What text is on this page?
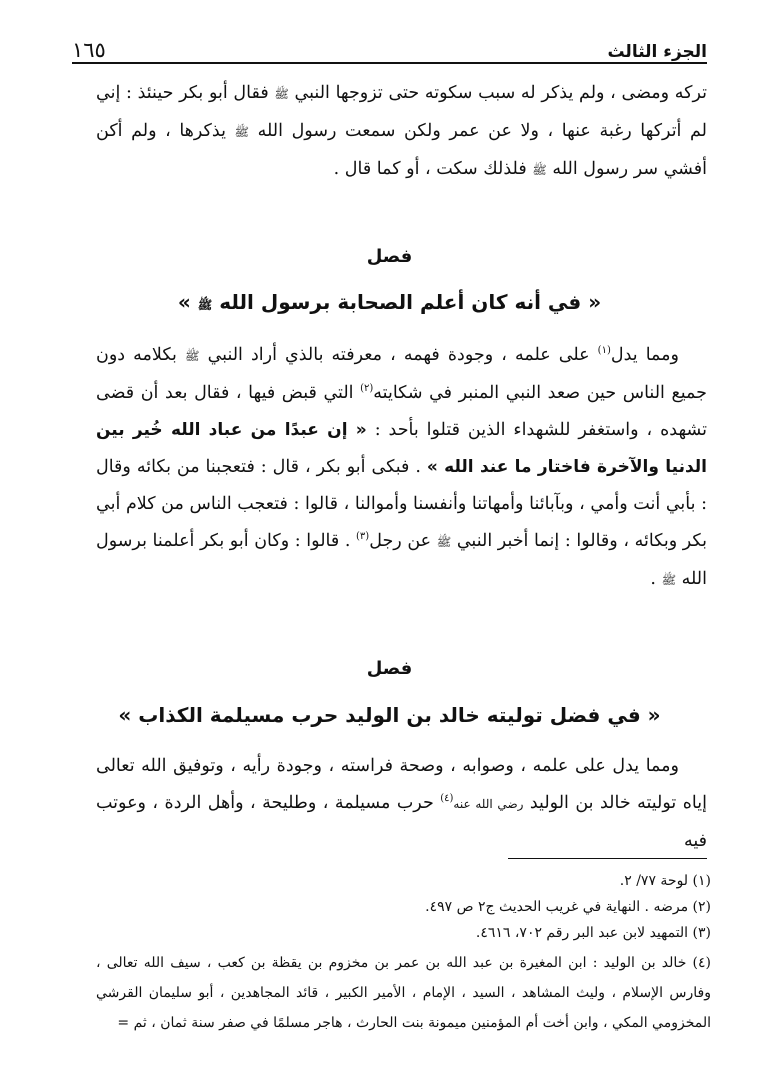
الجزء الثالث
١٦٥

تركه ومضى ، ولم يذكر له سبب سكوته حتى تزوجها النبي ﷺ فقال أبو بكر حينئذ : إني لم أتركها رغبة عنها ، ولا عن عمر ولكن سمعت رسول الله ﷺ يذكرها ، ولم أكن أفشي سر رسول الله ﷺ فلذلك سكت ، أو كما قال .

فصل
« في أنه كان أعلم الصحابة برسول الله ﷺ »

ومما يدل$^{(١)}$ على علمه ، وجودة فهمه ، معرفته بالذي أراد النبي ﷺ بكلامه دون جميع الناس حين صعد النبي المنبر في شكايته$^{(٢)}$ التي قبض فيها ، فقال بعد أن قضى تشهده ، واستغفر للشهداء الذين قتلوا بأحد : « إن عبدًا من عباد الله خُير بين الدنيا والآخرة فاختار ما عند الله » . فبكى أبو بكر ، قال : فتعجبنا من بكائه وقال : بأبي أنت وأمي ، وبآبائنا وأمهاتنا وأنفسنا وأموالنا ، قالوا : فتعجب الناس من كلام أبي بكر وبكائه ، وقالوا : إنما أخبر النبي ﷺ عن رجل$^{(٣)}$ . قالوا : وكان أبو بكر أعلمنا برسول الله ﷺ .

فصل
« في فضل توليته خالد بن الوليد حرب مسيلمة الكذاب »

ومما يدل على علمه ، وصوابه ، وصحة فراسته ، وجودة رأيه ، وتوفيق الله تعالى إياه توليته خالد بن الوليد رضي الله عنه$^{(٤)}$ حرب مسيلمة ، وطليحة ، وأهل الردة ، وعوتب فيه

(١) لوحة ٧٧/ ٢.
(٢) مرضه . النهاية في غريب الحديث ج٢ ص ٤٩٧.
(٣) التمهيد لابن عبد البر رقم ٧٠٢، ٤٦١٦.
(٤) خالد بن الوليد : ابن المغيرة بن عبد الله بن عمر بن مخزوم بن يقظة بن كعب ، سيف الله تعالى ، وفارس الإسلام ، وليث المشاهد ، السيد ، الإمام ، الأمير الكبير ، قائد المجاهدين ، أبو سليمان القرشي المخزومي المكي ، وابن أخت أم المؤمنين ميمونة بنت الحارث ، هاجر مسلمًا في صفر سنة ثمان ، ثم =
